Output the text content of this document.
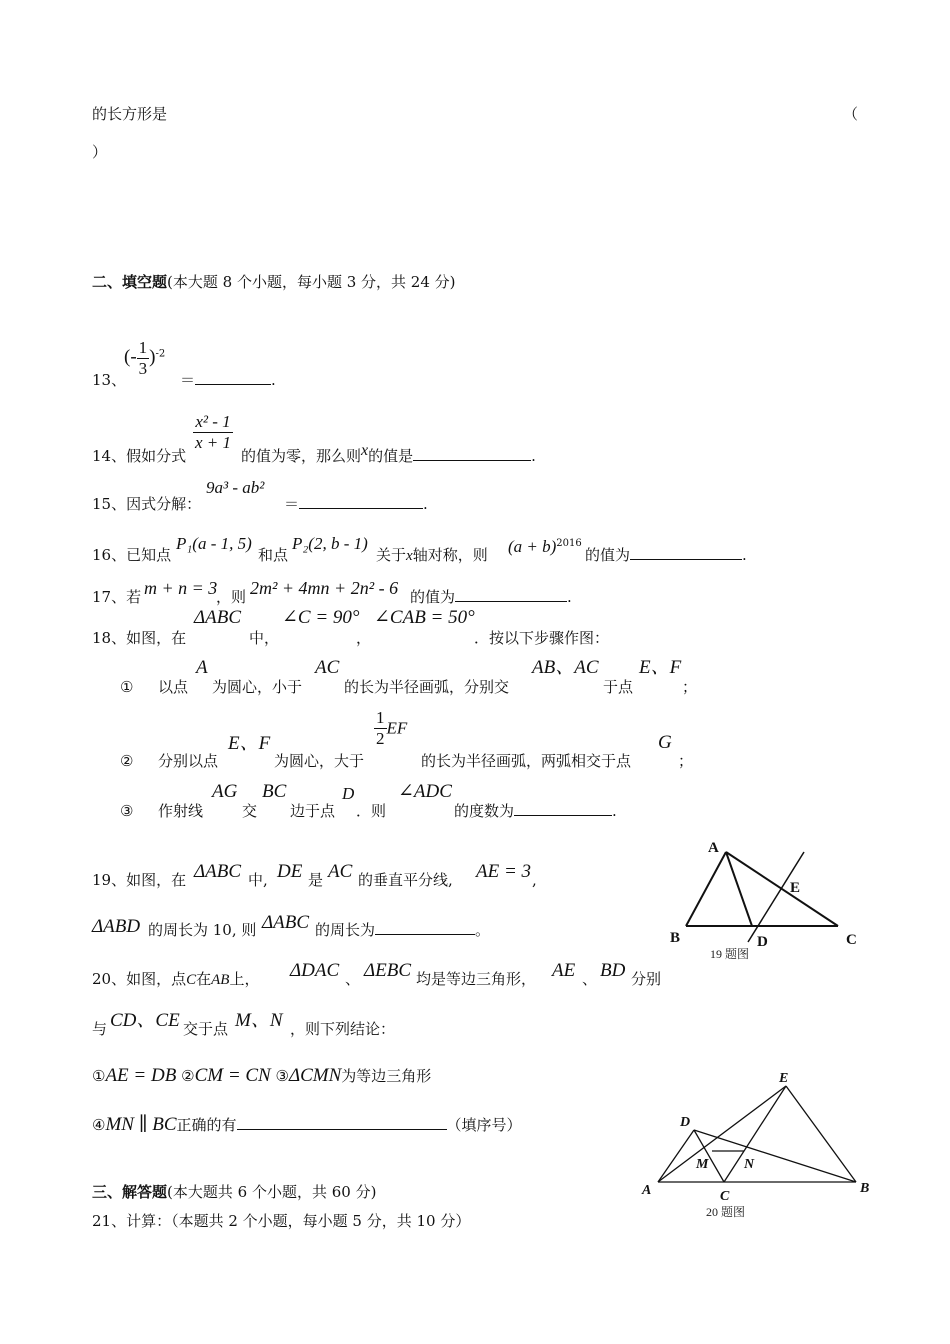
的长方形是	（
）
二、填空题(本大题 8 个小题，每小题 3 分，共 24 分)
13、
(- $\frac{1}{3} )^{-2}$
＝	.
14、假如分式
$\frac{\text{x² - 1}}{x + 1}$
的值为零，那么则x的值是	.
15、因式分解：
9a³ - ab²
＝	.
16、已知点
P₁(a - 1, 5)
和点
P₂(2, b - 1)
关于x轴对称，则 $(a + b)^{2016}$
的值为	.
17、若 m + n = 3
，则 2m² + 4mn + 2n² - 6 的值为	.
18、如图，在
ΔABC
中，
∠C = 90°
，
∠CAB = 50°
．按以下步骤作图：
① 以点
A
为圆心，小于
AC
的长为半径画弧，分别交
AB、AC
于点
E、F
；
② 分别以点
E、F
为圆心，大于
$\frac{1}{2}$ EF
的长为半径画弧，两弧相交于点
G
；
③ 作射线
AG
交
BC
边于点
D
．则
∠ADC
的度数为	.
19、如图，在 ΔABC 中, DE 是 AC 的垂直平分线, AE = 3 ,
ΔABD 的周长为 10, 则 ΔABC 的周长为	。
A
B	C
D
E
19 题图
20、如图，点C在AB上， ΔDAC 、 ΔEBC 均是等边三角形， AE 、 BD 分别
与 CD、CE 交于点 M、N ，则下列结论：
①AE = DB ②CM = CN ③ΔCMN为等边三角形
④MN ∥ BC正确的有	（填序号）
A	B
C
D
E
M	N
20 题图
三、解答题(本大题共 6 个小题，共 60 分)
21、计算：（本题共 2 个小题，每小题 5 分，共 10 分）
